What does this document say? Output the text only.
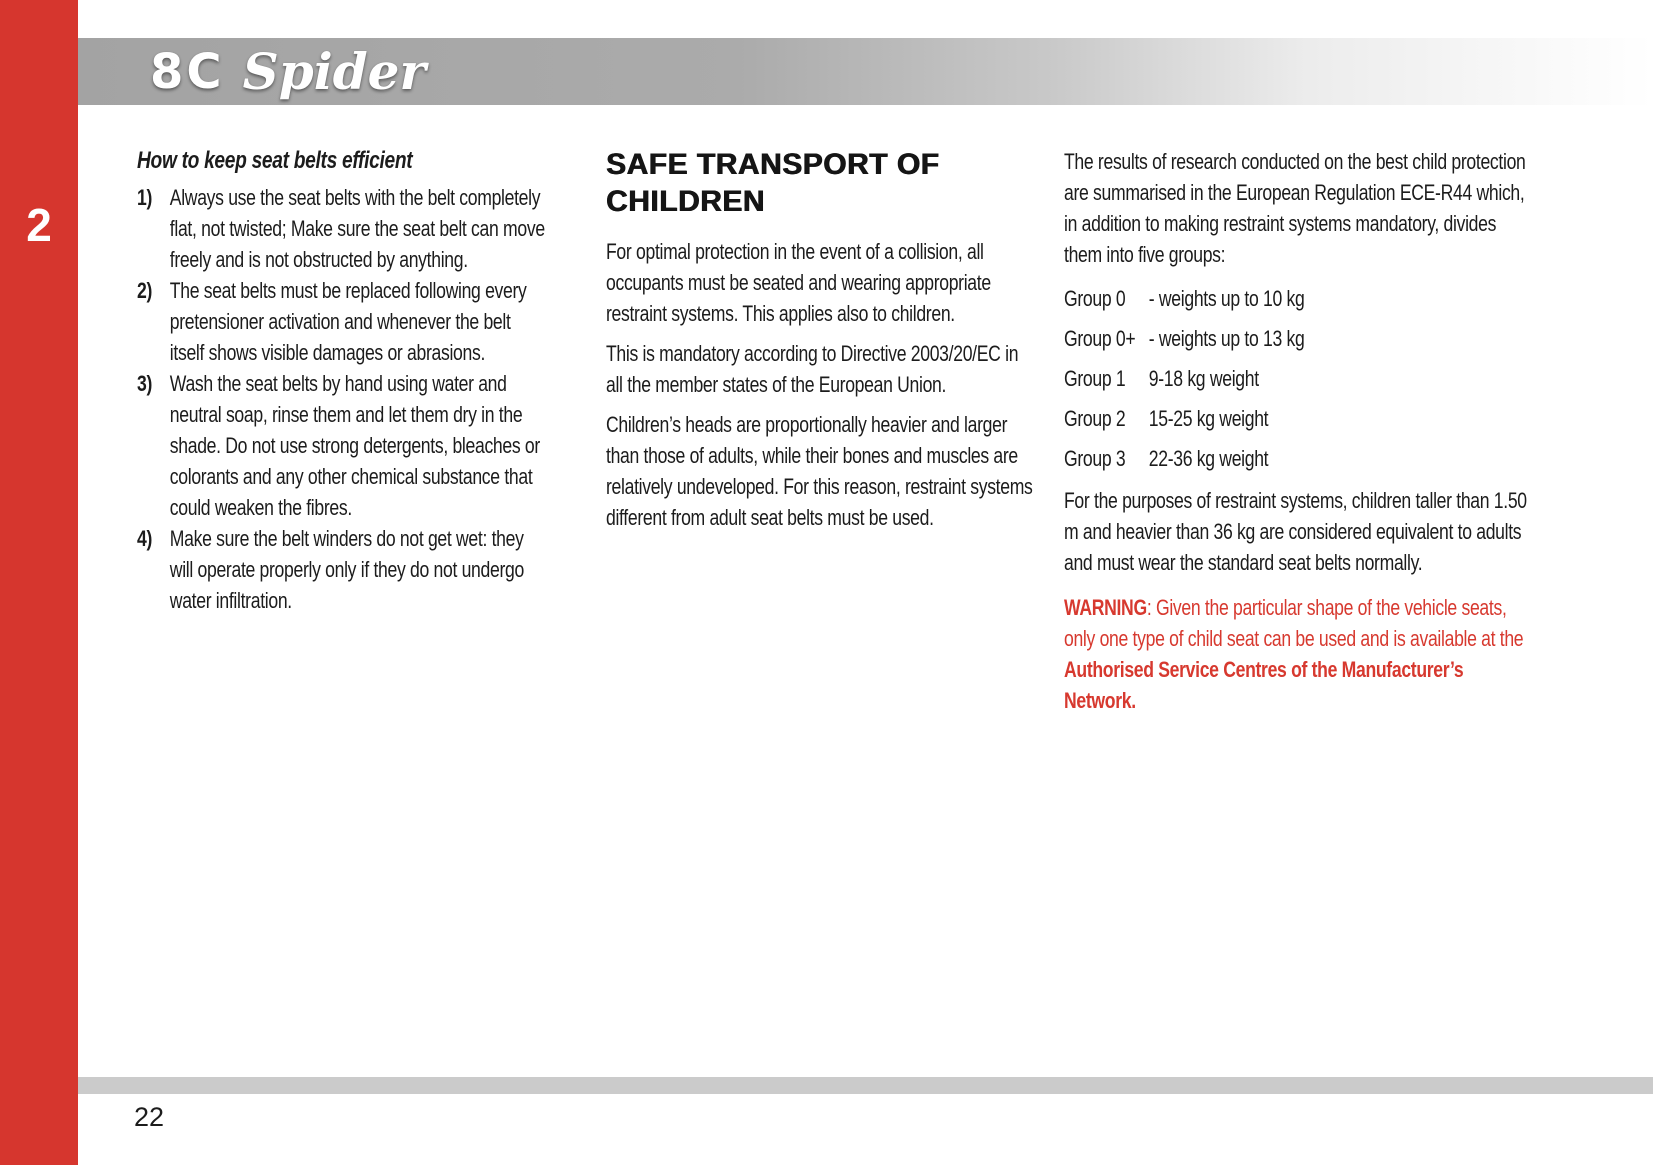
2
8C Spider
How to keep seat belts efficient
1) Always use the seat belts with the belt completely flat, not twisted; Make sure the seat belt can move freely and is not obstructed by anything.
2) The seat belts must be replaced following every pretensioner activation and whenever the belt itself shows visible damages or abrasions.
3) Wash the seat belts by hand using water and neutral soap, rinse them and let them dry in the shade. Do not use strong detergents, bleaches or colorants and any other chemical substance that could weaken the fibres.
4) Make sure the belt winders do not get wet: they will operate properly only if they do not undergo water infiltration.
SAFE TRANSPORT OF CHILDREN

For optimal protection in the event of a collision, all occupants must be seated and wearing appropriate restraint systems. This applies also to children.

This is mandatory according to Directive 2003/20/EC in all the member states of the European Union.

Children’s heads are proportionally heavier and larger than those of adults, while their bones and muscles are relatively undeveloped. For this reason, restraint systems different from adult seat belts must be used.

The results of research conducted on the best child protection are summarised in the European Regulation ECE-R44 which, in addition to making restraint systems mandatory, divides them into five groups:

Group 0 - weights up to 10 kg
Group 0+ - weights up to 13 kg
Group 1 9-18 kg weight
Group 2 15-25 kg weight
Group 3 22-36 kg weight

For the purposes of restraint systems, children taller than 1.50 m and heavier than 36 kg are considered equivalent to adults and must wear the standard seat belts normally.

WARNING: Given the particular shape of the vehicle seats, only one type of child seat can be used and is available at the Authorised Service Centres of the Manufacturer’s Network.

22
